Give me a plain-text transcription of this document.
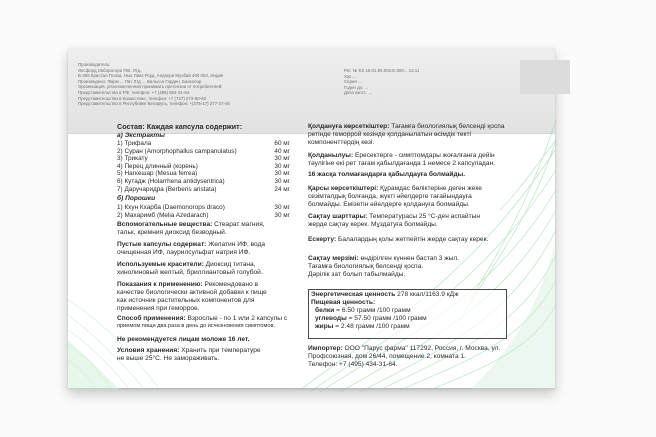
Производитель:
Оксфорд Лаборатори Пвт. Лтд.,
Б-306 Кристал Плаза, Нью Линк Роуд, Андхери Муэбай 400 053, Индия
Произведено: Фарм ... Пвт Лтд ... Вильсон Гарден, Бангалор
Организация, уполномоченная принимать претензии от потребителей:
Представительство в РФ, телефон: +7 (495) 604-31-64
Представительство в Казахстане, телефон: +7 (727) 273-80-50
Представительство в Республике Беларусь, телефон: +(375-17) 277-27-46
Рег. № KZ.16.01.95.003.Е.000... 13.11
Хүк ...
Серия ...
Годен до: ...
Дата изгот.: ...
Состав: Каждая капсула содержит:
а) Экстракты
1) Трифала	60 мг
2) Суран (Amorphophallus campanulatus)	40 мг
3) Трикату	30 мг
4) Перец длинный (корень)	30 мг
5) Нагкешар (Mesua ferrea)	30 мг
6) Кутадж (Holarrhena antidysentrica)	30 мг
7) Даручаридра (Berberis aristata)	24 мг
б) Порошки
1) Кхун Кхарба (Daemonorops draco)	30 мг
2) Махаримб (Melia Azedarach)	30 мг
Вспомогательные вещества: Стеарат магния,
тальк, кремния диоксид безводный.
Пустые капсулы содержат: Желатин ИФ, вода
очищенная ИФ, лаурилсульфат натрия ИФ.
Используемые красители: Диоксид титана,
хинолиновый желтый, бриллиантовый голубой.
Показания к применению: Рекомендовано в
качестве биологически активной добавки к пище
как источник растительных компонентов для
применения при геморрое.
Способ применения: Взрослые - по 1 или 2 капсулы с
приемом пищи два раза в день до исчезновения симптомов.
Не рекомендуется лицам моложе 16 лет.
Условия хранения: Хранить при температуре
не выше 25°С. Не замораживать.
Қолдануға көрсеткіштер: Тағамға биологиялық белсенді қоспа
ретінде геморрой кезінде қолданылатын өсімдік текті
компоненттердің көзі.
Қолданылуы: Ересектерге - симптомдары жоғалғанға дейін
тәулігіне екі рет тағам қабылдағанда 1 немесе 2 капсуладан.
16 жасқа толмағандарға қабылдауға болмайды.
Қарсы көрсеткіштері: Құрамдас бөліктеріне деген жеке
сезімталдық болғанда, жүкті әйелдерге тағайындауға
болмайды. Емізетін әйелдерге қолдануға болмайды.
Сақтау шарттары: Температурасы 25 °С-ден аспайтын
жерде сақтау керек. Мұздатуға болмайды.
Ескерту: Балалардың қолы жетпейтін жерде сақтау керек.
Сақтау мерзімі: өндірілген күннен бастап 3 жыл.
Тағамға биологиялық белсенді қоспа.
Дәрілік зат болып табылмайды.
Энергетическая ценность 278 ккал/1163.9 кДж
Пищевая ценность:
белки = 6.50 грамм /100 грамм
углеводы = 57.50 грамм /100 грамм
жиры = 2.48 грамм /100 грамм
Импортер: ООО "Парус фарма" 117292, Россия, г. Москва, ул.
Профсоюзная, дом 26/44, помещение 2, комната 1.
Телефон: +7 (495) 434-31-64.
